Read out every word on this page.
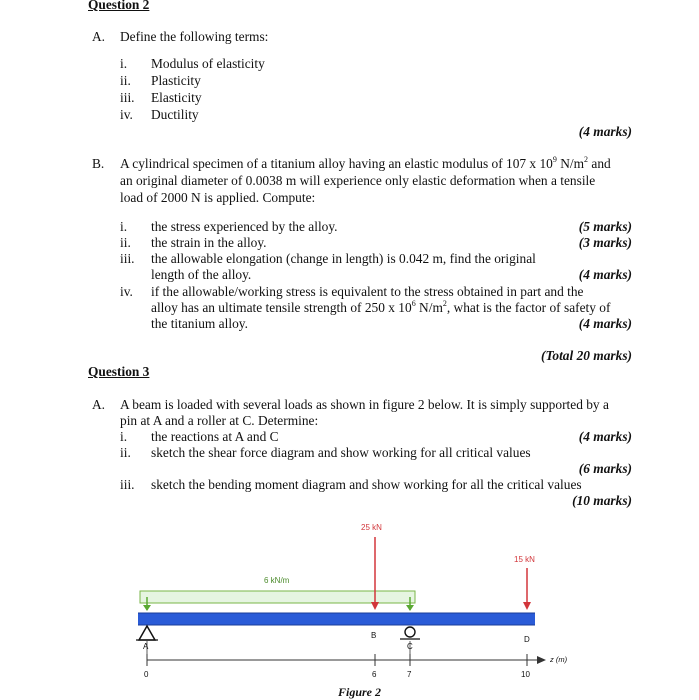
Question 2
A. Define the following terms:
i. Modulus of elasticity
ii. Plasticity
iii. Elasticity
iv. Ductility
(4 marks)
B. A cylindrical specimen of a titanium alloy having an elastic modulus of 107 x $10^9$ $N/m^2$ and
an original diameter of 0.0038 m will experience only elastic deformation when a tensile
load of 2000 N is applied. Compute:
i. the stress experienced by the alloy.	(5 marks)
ii. the strain in the alloy.	(3 marks)
iii. the allowable elongation (change in length) is 0.042 m, find the original
length of the alloy.	(4 marks)
iv. if the allowable/working stress is equivalent to the stress obtained in part and the
alloy has an ultimate tensile strength of 250 x $10^6$ $N/m^2$, what is the factor of safety of
the titanium alloy.	(4 marks)
(Total 20 marks)
Question 3
A. A beam is loaded with several loads as shown in figure 2 below. It is simply supported by a
pin at A and a roller at C. Determine:
i. the reactions at A and C	(4 marks)
ii. sketch the shear force diagram and show working for all critical values
(6 marks)
iii. sketch the bending moment diagram and show working for all the critical values
(10 marks)
25 kN
15 kN
6 kN/m
A
B
C
D
z (m)
0	6	7	10
Figure 2
